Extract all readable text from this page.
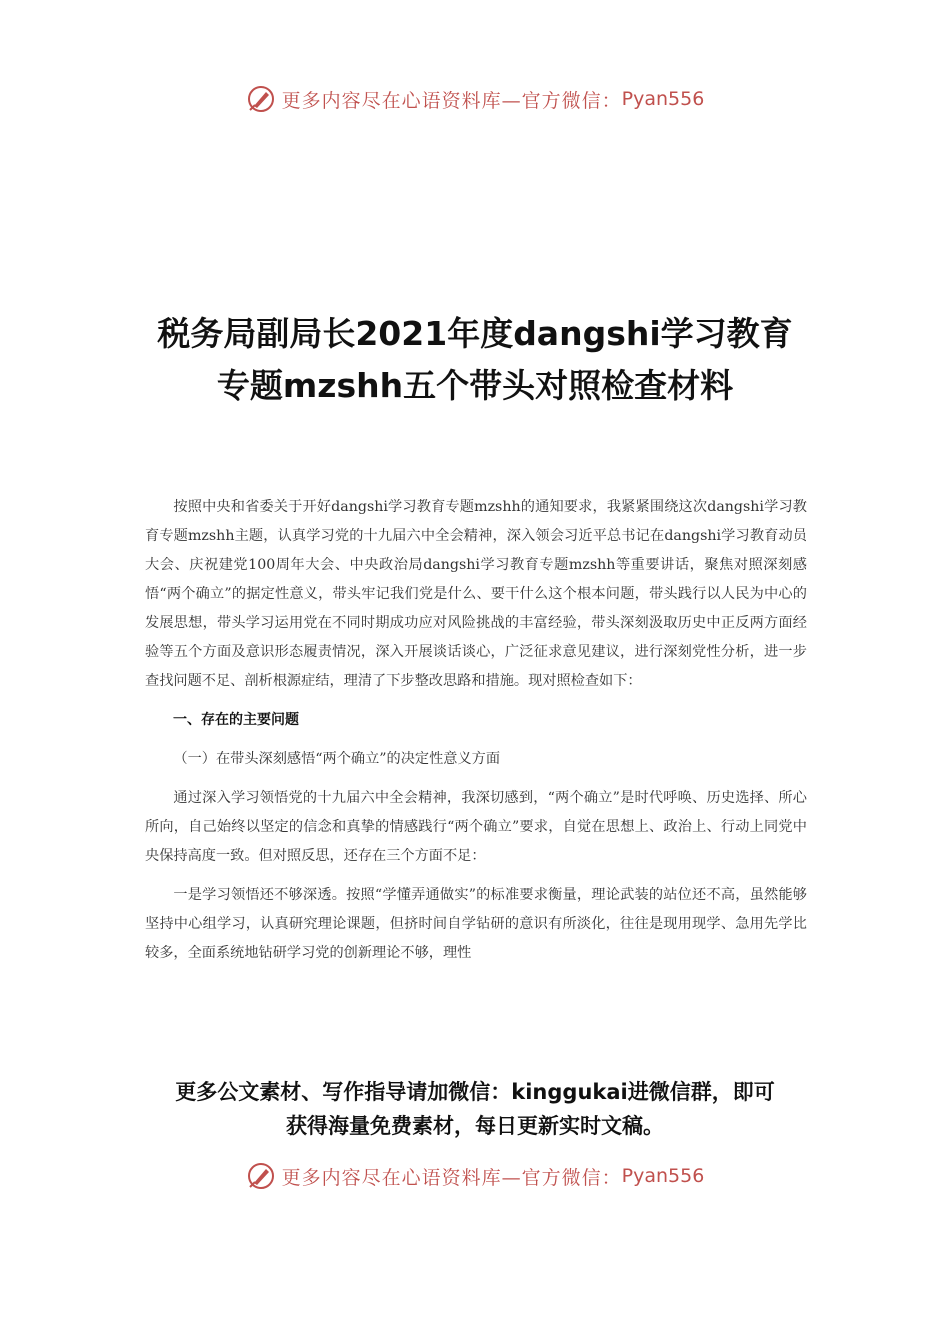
更多内容尽在心语资料库—官方微信： Pyan556
税务局副局长2021年度dangshi学习教育
专题mzshh五个带头对照检查材料

按照中央和省委关于开好dangshi学习教育专题mzshh的通知要求，我紧紧围绕这次dangshi学习教育专题mzshh主题，认真学习党的十九届六中全会精神，深入领会习近平总书记在dangshi学习教育动员大会、庆祝建党100周年大会、中央政治局dangshi学习教育专题mzshh等重要讲话，聚焦对照深刻感悟“两个确立”的据定性意义，带头牢记我们党是什么、要干什么这个根本问题，带头践行以人民为中心的发展思想，带头学习运用党在不同时期成功应对风险挑战的丰富经验，带头深刻汲取历史中正反两方面经验等五个方面及意识形态履责情况，深入开展谈话谈心，广泛征求意见建议，进行深刻党性分析，进一步查找问题不足、剖析根源症结，理清了下步整改思路和措施。现对照检查如下：

一、存在的主要问题

（一）在带头深刻感悟“两个确立”的决定性意义方面

通过深入学习领悟党的十九届六中全会精神，我深切感到，“两个确立”是时代呼唤、历史选择、所心所向，自己始终以坚定的信念和真挚的情感践行“两个确立”要求，自觉在思想上、政治上、行动上同党中央保持高度一致。但对照反思，还存在三个方面不足：

一是学习领悟还不够深透。按照“学懂弄通做实”的标准要求衡量，理论武装的站位还不高，虽然能够坚持中心组学习，认真研究理论课题，但挤时间自学钻研的意识有所淡化，往往是现用现学、急用先学比较多，全面系统地钻研学习党的创新理论不够，理性

更多公文素材、写作指导请加微信：kinggukai进微信群，即可
获得海量免费素材，每日更新实时文稿。
更多内容尽在心语资料库—官方微信： Pyan556
